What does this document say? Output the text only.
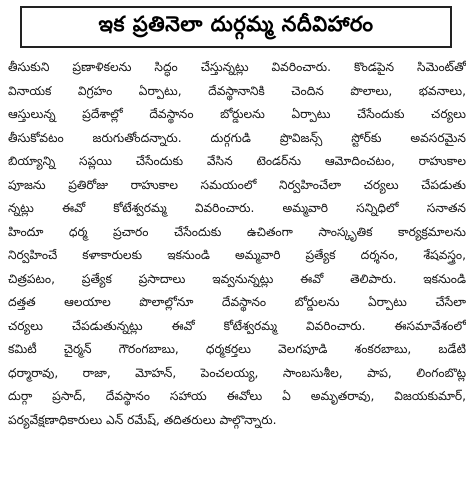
ఇక ప్రతినెలా దుర్గమ్మ నదీవిహారం
తీసుకుని ప్రణాళికలను సిద్ధం చేస్తున్నట్లు వివరించారు. కొండపైన సిమెంట్‌తో
వినాయక విగ్రహం ఏర్పాటు, దేవస్థానానికి చెందిన పొలాలు, భవనాలు,
ఆస్తులున్న ప్రదేశాల్లో దేవస్థానం బోర్డులను ఏర్పాటు చేసేందుకు చర్యలు
తీసుకోవటం జరుగుతోందన్నారు. దుర్గగుడి ప్రొవిజన్స్ స్టోర్‌కు అవసరమైన
బియ్యాన్ని సప్లయి చేసేందుకు వేసిన టెండర్‌ను ఆమోదించటం, రాహుకాల
పూజను ప్రతిరోజు రాహుకాల సమయంలో నిర్వహించేలా చర్యలు చేపడుతు
న్నట్లు ఈవో కోటేశ్వరమ్మ వివరించారు. అమ్మవారి సన్నిధిలో సనాతన
హిందూ ధర్మ ప్రచారం చేసేందుకు ఉచితంగా సాంస్కృతిక కార్యక్రమాలను
నిర్వహించే కళాకారులకు ఇకనుండి అమ్మవారి ప్రత్యేక దర్శనం, శేషవస్త్రం,
చిత్రపటం, ప్రత్యేక ప్రసాదాలు ఇవ్వనున్నట్లు ఈవో తెలిపారు. ఇకనుండి
దత్తత ఆలయాల పొలాల్లోనూ దేవస్థానం బోర్డులను ఏర్పాటు చేసేలా
చర్యలు చేపడుతున్నట్లు ఈవో కోటేశ్వరమ్మ వివరించారు. ఈసమావేశంలో
కమిటీ చైర్మన్ గౌరంగబాబు, ధర్మకర్తలు వెలగపూడి శంకరబాబు, బడేటి
ధర్మారావు, రాజా, మోహన్, పెంచలయ్య, సాంబసుశీల, పాప, లింగంబొట్ల
దుర్గా ప్రసాద్, దేవస్థానం సహాయ ఈవోలు ఏ అమృతరావు, విజయకుమార్,
పర్యవేక్షణాధికారులు ఎన్ రమేష్, తదితరులు పాల్గొన్నారు.
